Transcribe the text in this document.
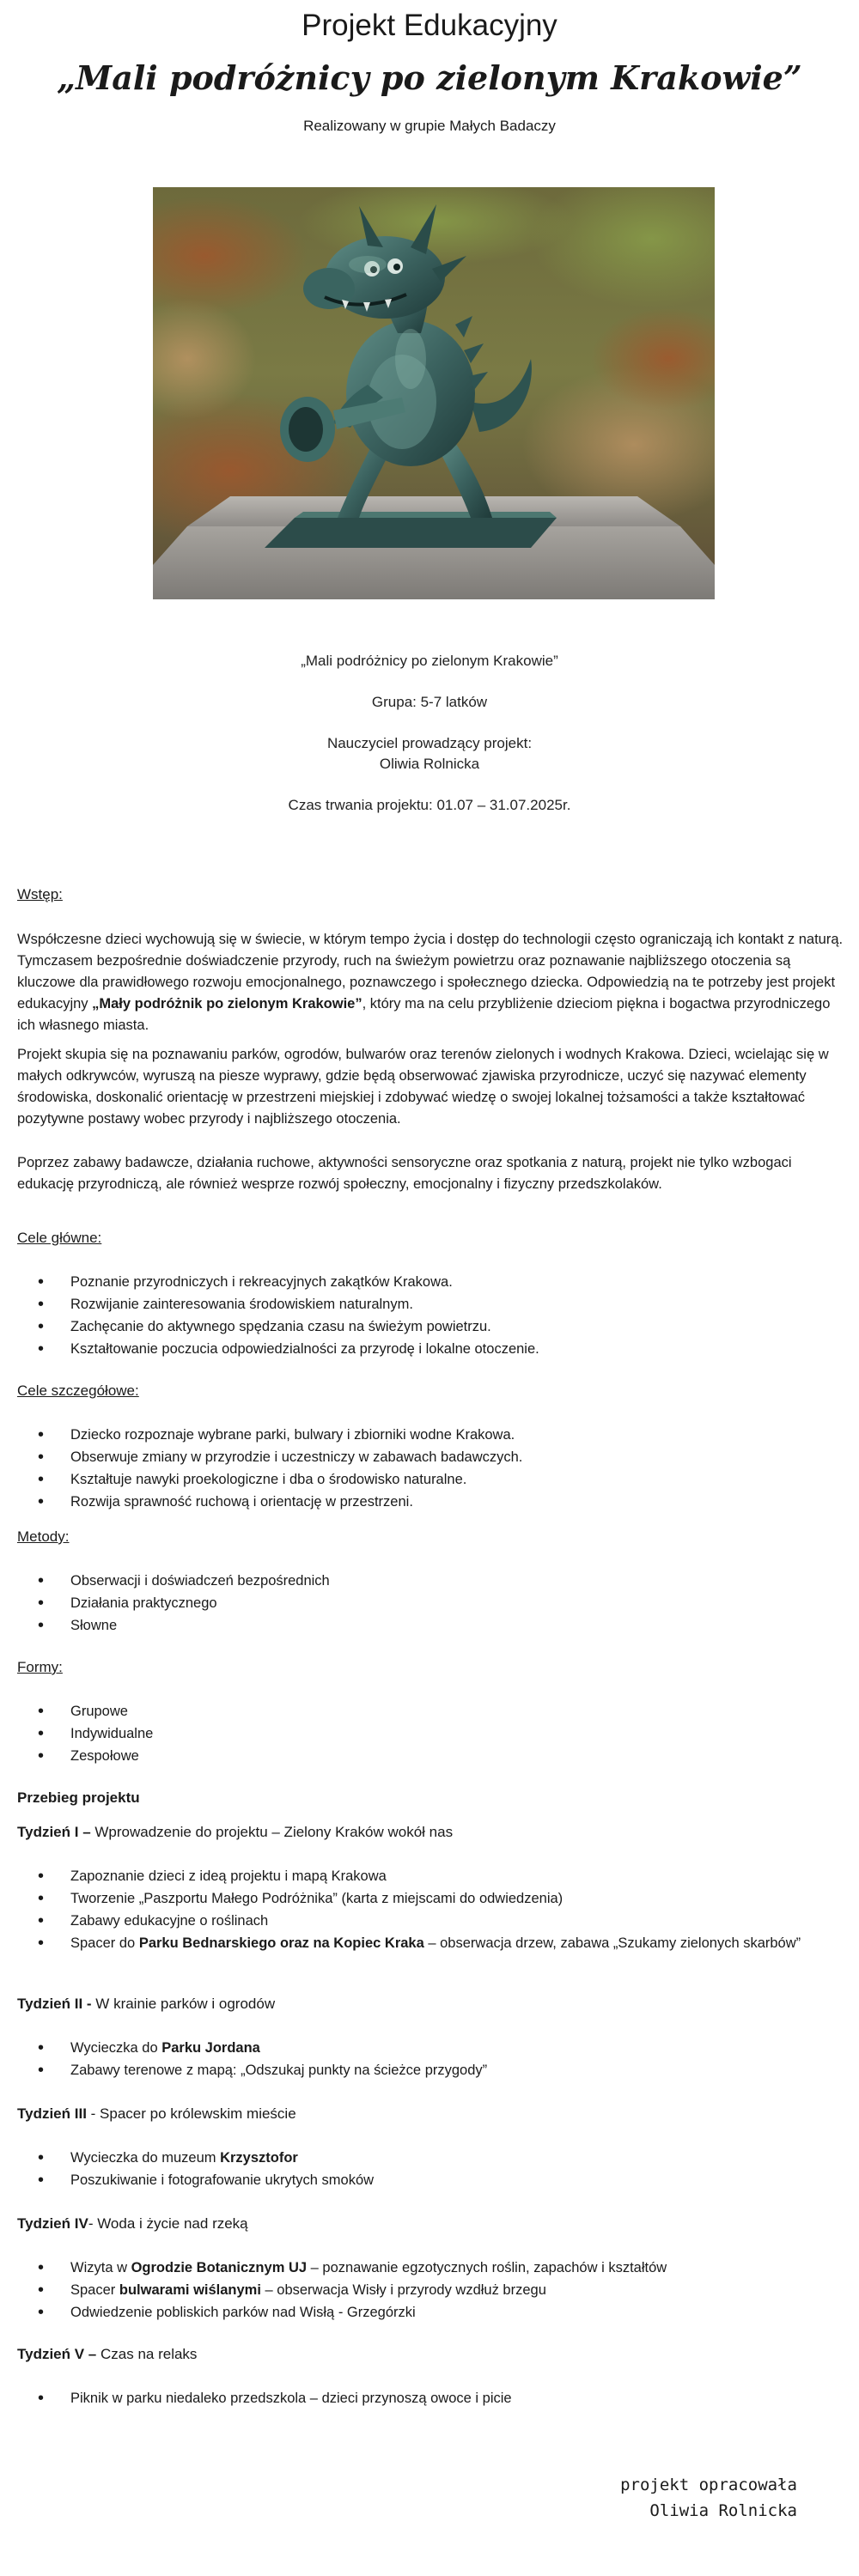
Projekt Edukacyjny
„Mali podróżnicy po zielonym Krakowie”
Realizowany w grupie Małych Badaczy
„Mali podróżnicy po zielonym Krakowie”
Grupa: 5-7 latków
Nauczyciel prowadzący projekt:
Oliwia Rolnicka
Czas trwania projektu: 01.07 – 31.07.2025r.
Wstęp:
Współczesne dzieci wychowują się w świecie, w którym tempo życia i dostęp do technologii często ograniczają ich kontakt z naturą. Tymczasem bezpośrednie doświadczenie przyrody, ruch na świeżym powietrzu oraz poznawanie najbliższego otoczenia są kluczowe dla prawidłowego rozwoju emocjonalnego, poznawczego i społecznego dziecka. Odpowiedzią na te potrzeby jest projekt edukacyjny „Mały podróżnik po zielonym Krakowie”, który ma na celu przybliżenie dzieciom piękna i bogactwa przyrodniczego ich własnego miasta.
Projekt skupia się na poznawaniu parków, ogrodów, bulwarów oraz terenów zielonych i wodnych Krakowa. Dzieci, wcielając się w małych odkrywców, wyruszą na piesze wyprawy, gdzie będą obserwować zjawiska przyrodnicze, uczyć się nazywać elementy środowiska, doskonalić orientację w przestrzeni miejskiej i zdobywać wiedzę o swojej lokalnej tożsamości a także kształtować pozytywne postawy wobec przyrody i najbliższego otoczenia.
Poprzez zabawy badawcze, działania ruchowe, aktywności sensoryczne oraz spotkania z naturą, projekt nie tylko wzbogaci edukację przyrodniczą, ale również wesprze rozwój społeczny, emocjonalny i fizyczny przedszkolaków.
Cele główne:
• Poznanie przyrodniczych i rekreacyjnych zakątków Krakowa.
• Rozwijanie zainteresowania środowiskiem naturalnym.
• Zachęcanie do aktywnego spędzania czasu na świeżym powietrzu.
• Kształtowanie poczucia odpowiedzialności za przyrodę i lokalne otoczenie.
Cele szczegółowe:
• Dziecko rozpoznaje wybrane parki, bulwary i zbiorniki wodne Krakowa.
• Obserwuje zmiany w przyrodzie i uczestniczy w zabawach badawczych.
• Kształtuje nawyki proekologiczne i dba o środowisko naturalne.
• Rozwija sprawność ruchową i orientację w przestrzeni.
Metody:
• Obserwacji i doświadczeń bezpośrednich
• Działania praktycznego
• Słowne
Formy:
• Grupowe
• Indywidualne
• Zespołowe
Przebieg projektu
Tydzień I – Wprowadzenie do projektu – Zielony Kraków wokół nas
• Zapoznanie dzieci z ideą projektu i mapą Krakowa
• Tworzenie „Paszportu Małego Podróżnika” (karta z miejscami do odwiedzenia)
• Zabawy edukacyjne o roślinach
• Spacer do Parku Bednarskiego oraz na Kopiec Kraka – obserwacja drzew, zabawa „Szukamy zielonych skarbów”
Tydzień II - W krainie parków i ogrodów
• Wycieczka do Parku Jordana
• Zabawy terenowe z mapą: „Odszukaj punkty na ścieżce przygody”
Tydzień III - Spacer po królewskim mieście
• Wycieczka do muzeum Krzysztofor
• Poszukiwanie i fotografowanie ukrytych smoków
Tydzień IV- Woda i życie nad rzeką
• Wizyta w Ogrodzie Botanicznym UJ – poznawanie egzotycznych roślin, zapachów i kształtów
• Spacer bulwarami wiślanymi – obserwacja Wisły i przyrody wzdłuż brzegu
• Odwiedzenie pobliskich parków nad Wisłą - Grzegórzki
Tydzień V – Czas na relaks
• Piknik w parku niedaleko przedszkola – dzieci przynoszą owoce i picie
projekt opracowała
Oliwia Rolnicka
